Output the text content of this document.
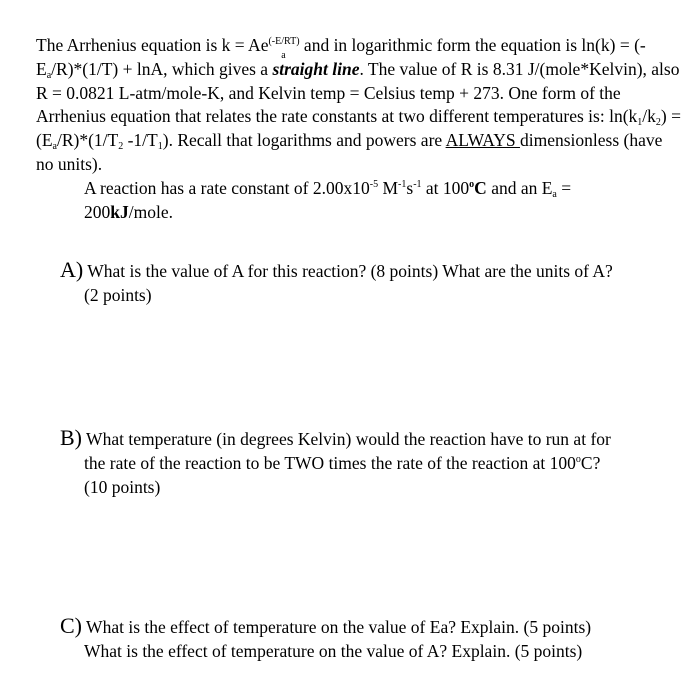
The Arrhenius equation is $k = Ae^{(-E a /RT)}$ and in logarithmic form the equation is $\ln(k) = (-E_a/R)*(1/T) + \ln A$, which gives a straight line. The value of R is 8.31 J/(mole*Kelvin), also R = 0.0821 L-atm/mole-K, and Kelvin temp = Celsius temp + 273. One form of the Arrhenius equation that relates the rate constants at two different temperatures is: $\ln(k_1/k_2) = (E_a/R)*(1/T_2$ $-1/T_1$). Recall that logarithms and powers are ALWAYS dimensionless (have no units).

A reaction has a rate constant of $2.00x10^{-5}$ $M^{-1}s^{-1}$ at 100$^o$C and an $E_a$ = 200kJ/mole.

A) What is the value of A for this reaction? (8 points) What are the units of A?
(2 points)

B) What temperature (in degrees Kelvin) would the reaction have to run at for
the rate of the reaction to be TWO times the rate of the reaction at 100$^o$C?
(10 points)

C) What is the effect of temperature on the value of Ea? Explain. (5 points)
What is the effect of temperature on the value of A? Explain. (5 points)
